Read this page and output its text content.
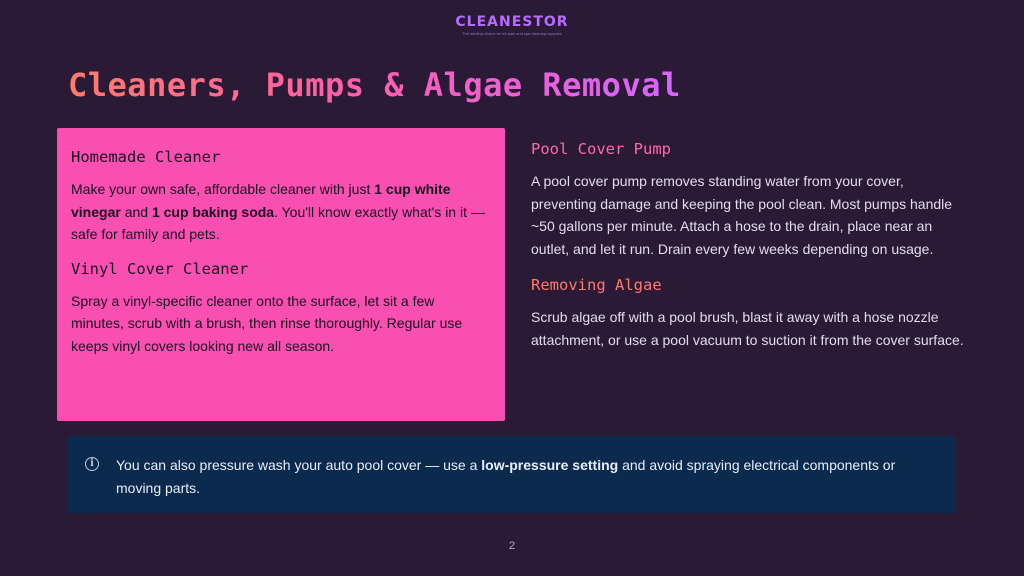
CLEANESTOR
The leading choice for all pool and spa cleaning supplies
Cleaners, Pumps & Algae Removal
Homemade Cleaner

Make your own safe, affordable cleaner with just 1 cup white vinegar and 1 cup baking soda. You'll know exactly what's in it — safe for family and pets.

Vinyl Cover Cleaner

Spray a vinyl-specific cleaner onto the surface, let sit a few minutes, scrub with a brush, then rinse thoroughly. Regular use keeps vinyl covers looking new all season.

Pool Cover Pump

A pool cover pump removes standing water from your cover, preventing damage and keeping the pool clean. Most pumps handle ~50 gallons per minute. Attach a hose to the drain, place near an outlet, and let it run. Drain every few weeks depending on usage.

Removing Algae

Scrub algae off with a pool brush, blast it away with a hose nozzle attachment, or use a pool vacuum to suction it from the cover surface.

i	You can also pressure wash your auto pool cover — use a low-pressure setting and avoid spraying electrical components or moving parts.
2
